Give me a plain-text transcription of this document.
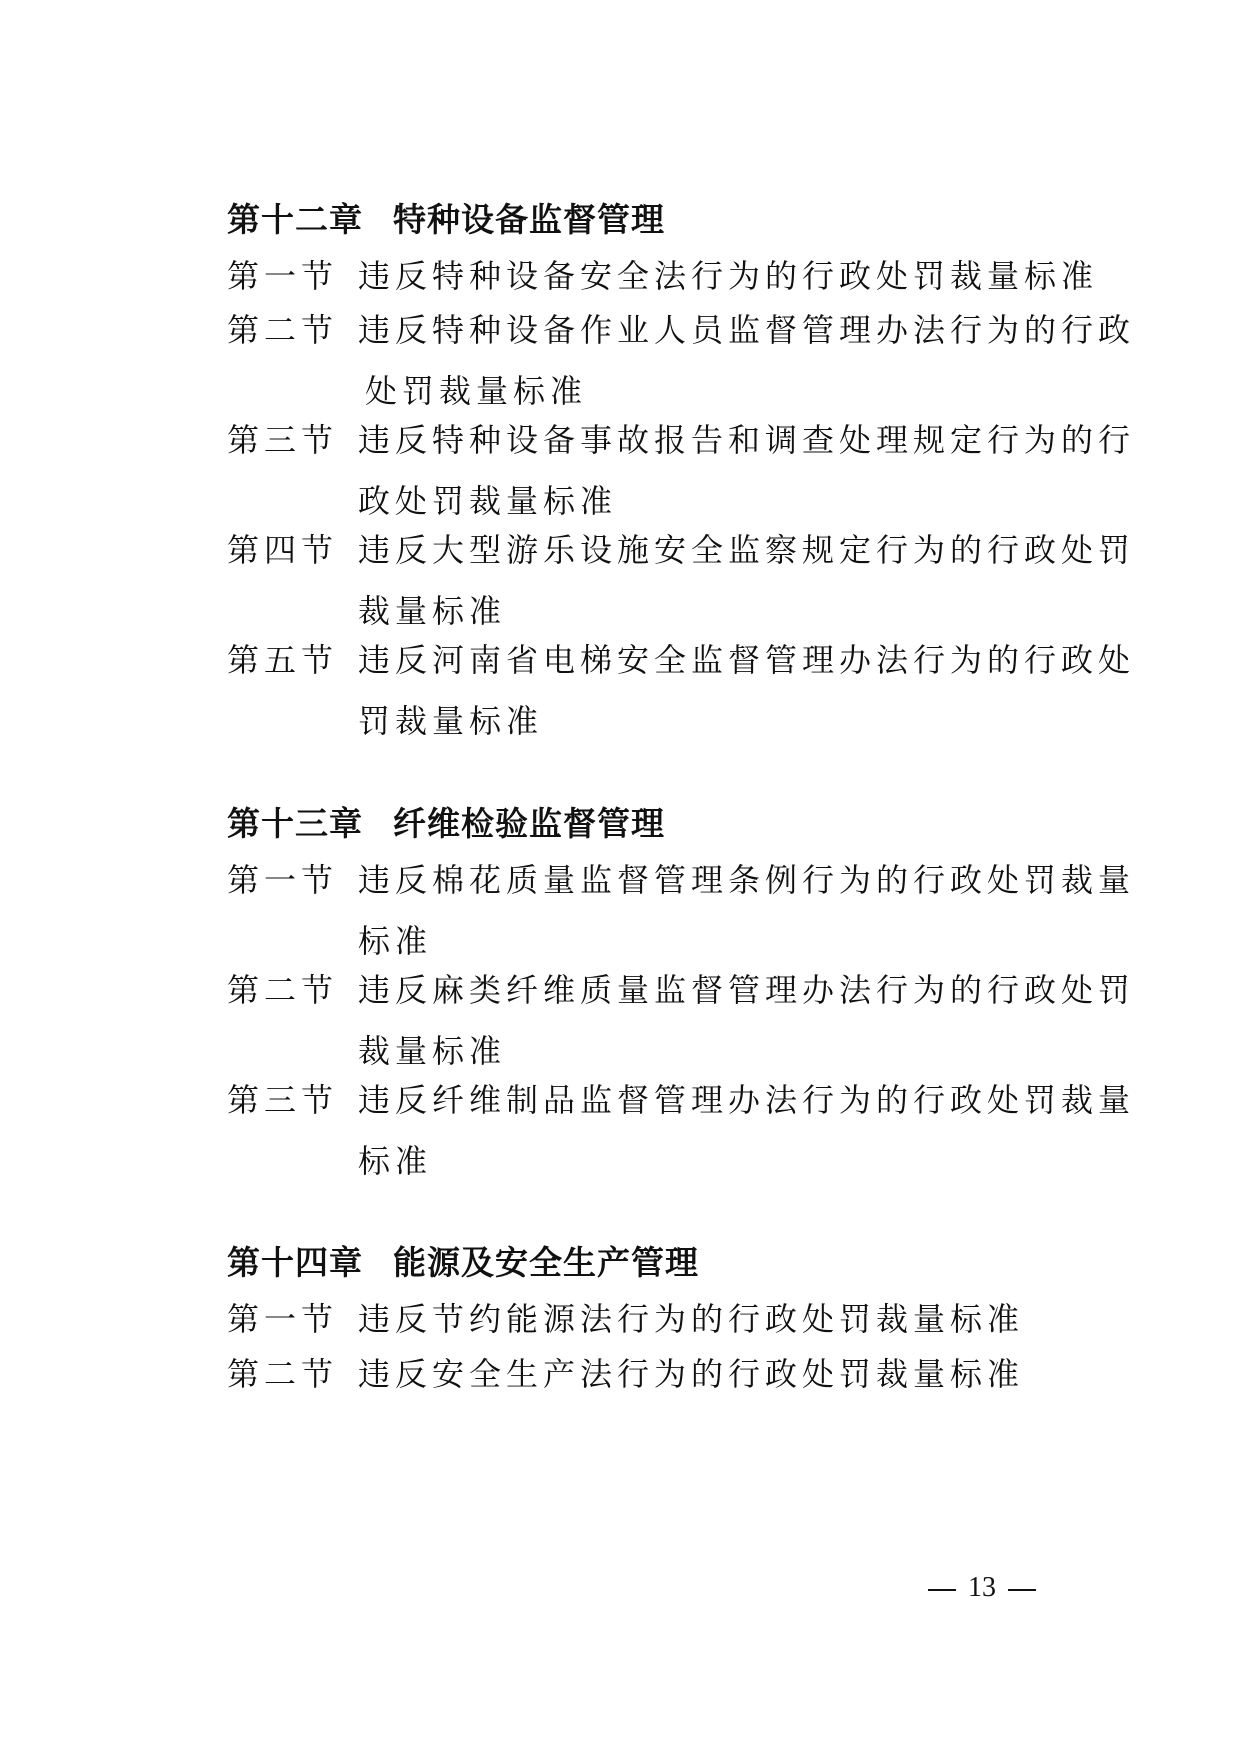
第十二章 特种设备监督管理
第一节 违反特种设备安全法行为的行政处罚裁量标准
第二节 违反特种设备作业人员监督管理办法行为的行政
处罚裁量标准
第三节 违反特种设备事故报告和调查处理规定行为的行
政处罚裁量标准
第四节 违反大型游乐设施安全监察规定行为的行政处罚
裁量标准
第五节 违反河南省电梯安全监督管理办法行为的行政处
罚裁量标准
第十三章 纤维检验监督管理
第一节 违反棉花质量监督管理条例行为的行政处罚裁量
标准
第二节 违反麻类纤维质量监督管理办法行为的行政处罚
裁量标准
第三节 违反纤维制品监督管理办法行为的行政处罚裁量
标准
第十四章 能源及安全生产管理
第一节 违反节约能源法行为的行政处罚裁量标准
第二节 违反安全生产法行为的行政处罚裁量标准
13
